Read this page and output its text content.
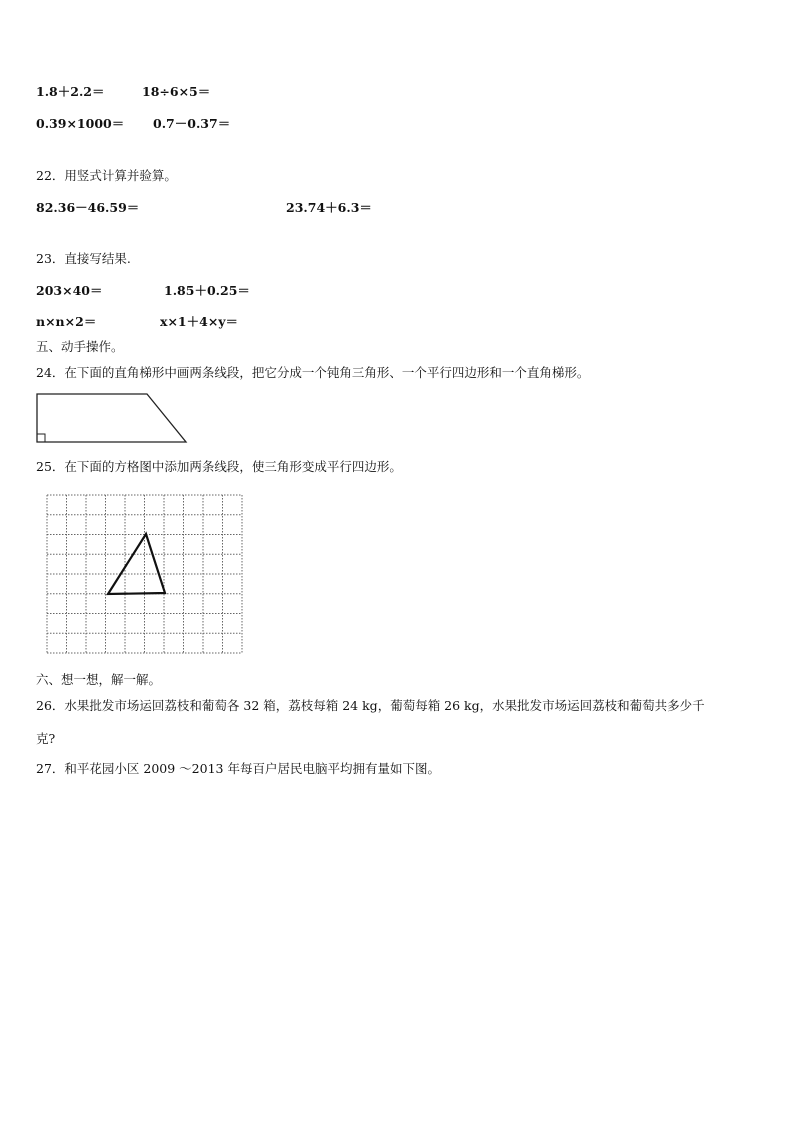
1.8＋2.2＝	18÷6×5＝
0.39×1000＝ 0.7－0.37＝
22．用竖式计算并验算。
82.36－46.59＝	23.74＋6.3＝
23．直接写结果.
203×40＝	1.85＋0.25＝
n×n×2＝	x×1＋4×y＝
五、动手操作。
24．在下面的直角梯形中画两条线段，把它分成一个钝角三角形、一个平行四边形和一个直角梯形。
25．在下面的方格图中添加两条线段，使三角形变成平行四边形。
六、想一想，解一解。
26．水果批发市场运回荔枝和葡萄各 32 箱，荔枝每箱 24 kg，葡萄每箱 26 kg，水果批发市场运回荔枝和葡萄共多少千
克?
27．和平花园小区 2009 ～2013 年每百户居民电脑平均拥有量如下图。
